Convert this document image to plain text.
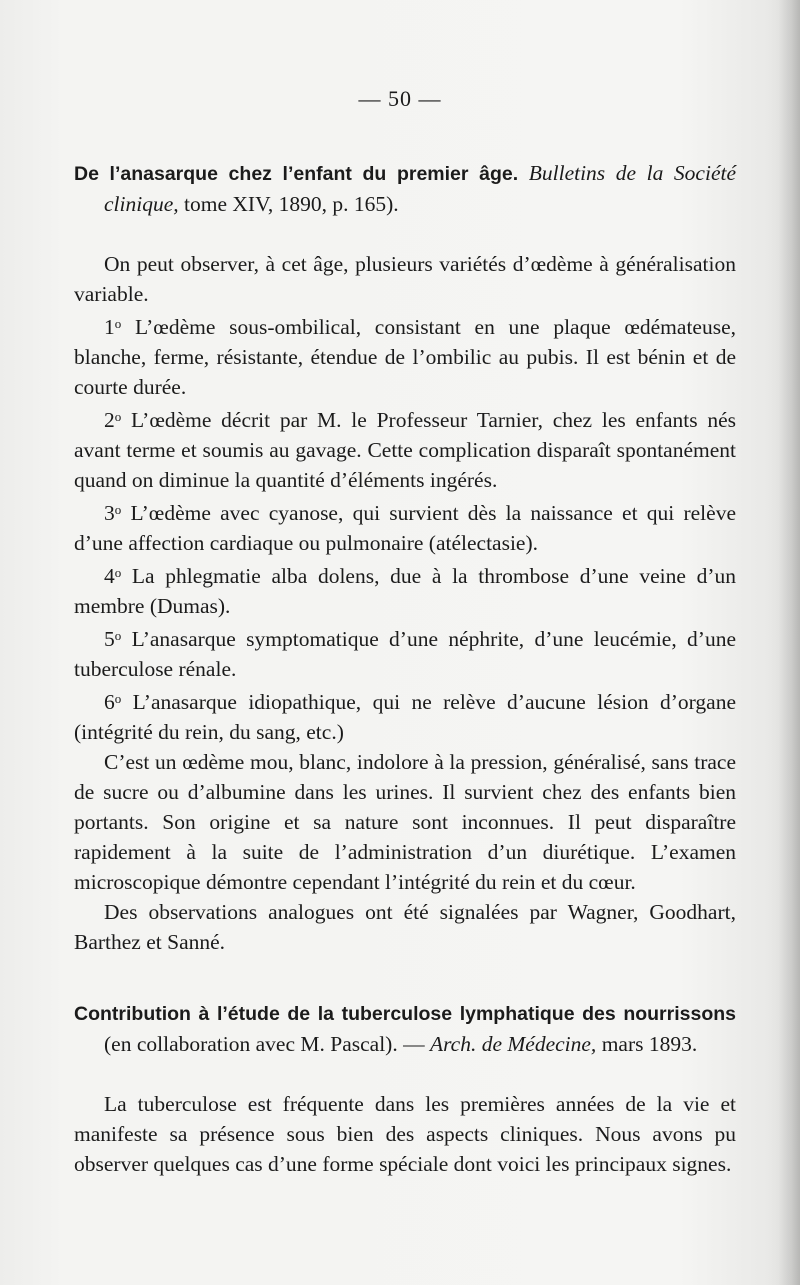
— 50 —

De l’anasarque chez l’enfant du premier âge. Bulletins de la Société clinique, tome XIV, 1890, p. 165).

On peut observer, à cet âge, plusieurs variétés d’œdème à généralisation variable.

1$^o$ L’œdème sous-ombilical, consistant en une plaque œdémateuse, blanche, ferme, résistante, étendue de l’ombilic au pubis. Il est bénin et de courte durée.

2$^o$ L’œdème décrit par M. le Professeur Tarnier, chez les enfants nés avant terme et soumis au gavage. Cette complication disparaît spontanément quand on diminue la quantité d’éléments ingérés.

3$^o$ L’œdème avec cyanose, qui survient dès la naissance et qui relève d’une affection cardiaque ou pulmonaire (atélectasie).

4$^o$ La phlegmatie alba dolens, due à la thrombose d’une veine d’un membre (Dumas).

5$^o$ L’anasarque symptomatique d’une néphrite, d’une leucémie, d’une tuberculose rénale.

6$^o$ L’anasarque idiopathique, qui ne relève d’aucune lésion d’organe (intégrité du rein, du sang, etc.)

C’est un œdème mou, blanc, indolore à la pression, généralisé, sans trace de sucre ou d’albumine dans les urines. Il survient chez des enfants bien portants. Son origine et sa nature sont inconnues. Il peut disparaître rapidement à la suite de l’administration d’un diurétique. L’examen microscopique démontre cependant l’intégrité du rein et du cœur.

Des observations analogues ont été signalées par Wagner, Goodhart, Barthez et Sanné.

Contribution à l’étude de la tuberculose lymphatique des nourrissons (en collaboration avec M. Pascal). — Arch. de Médecine, mars 1893.

La tuberculose est fréquente dans les premières années de la vie et manifeste sa présence sous bien des aspects cliniques. Nous avons pu observer quelques cas d’une forme spéciale dont voici les principaux signes.
